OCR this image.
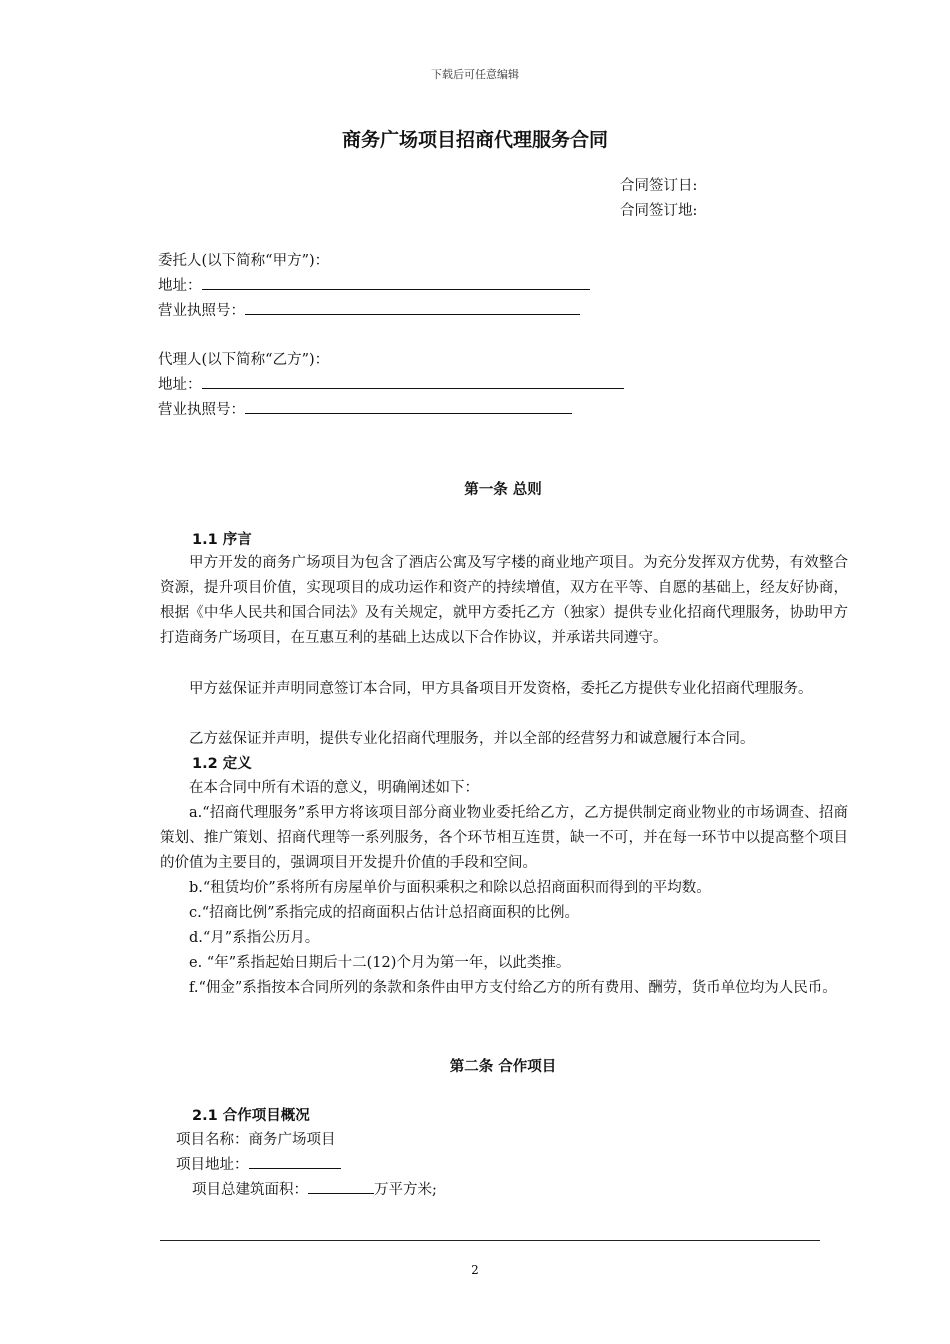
下载后可任意编辑
商务广场项目招商代理服务合同
合同签订日:
合同签订地:
委托人(以下简称“甲方”)：
地址：
营业执照号：
代理人(以下简称“乙方”)：
地址：
营业执照号：
第一条 总则
1.1 序言
甲方开发的商务广场项目为包含了酒店公寓及写字楼的商业地产项目。为充分发挥双方优势，有效整合资源，提升项目价值，实现项目的成功运作和资产的持续增值，双方在平等、自愿的基础上，经友好协商，根据《中华人民共和国合同法》及有关规定，就甲方委托乙方（独家）提供专业化招商代理服务，协助甲方打造商务广场项目，在互惠互利的基础上达成以下合作协议，并承诺共同遵守。
甲方兹保证并声明同意签订本合同，甲方具备项目开发资格，委托乙方提供专业化招商代理服务。
乙方兹保证并声明，提供专业化招商代理服务，并以全部的经营努力和诚意履行本合同。
1.2 定义
在本合同中所有术语的意义，明确阐述如下：
a.“招商代理服务”系甲方将该项目部分商业物业委托给乙方，乙方提供制定商业物业的市场调查、招商策划、推广策划、招商代理等一系列服务，各个环节相互连贯，缺一不可，并在每一环节中以提高整个项目的价值为主要目的，强调项目开发提升价值的手段和空间。
b.“租赁均价”系将所有房屋单价与面积乘积之和除以总招商面积而得到的平均数。
c.“招商比例”系指完成的招商面积占估计总招商面积的比例。
d.“月”系指公历月。
e. “年”系指起始日期后十二(12)个月为第一年，以此类推。
f.“佣金”系指按本合同所列的条款和条件由甲方支付给乙方的所有费用、酬劳，货币单位均为人民币。
第二条 合作项目
2.1 合作项目概况
项目名称：商务广场项目
项目地址：
项目总建筑面积：	万平方米;
2
